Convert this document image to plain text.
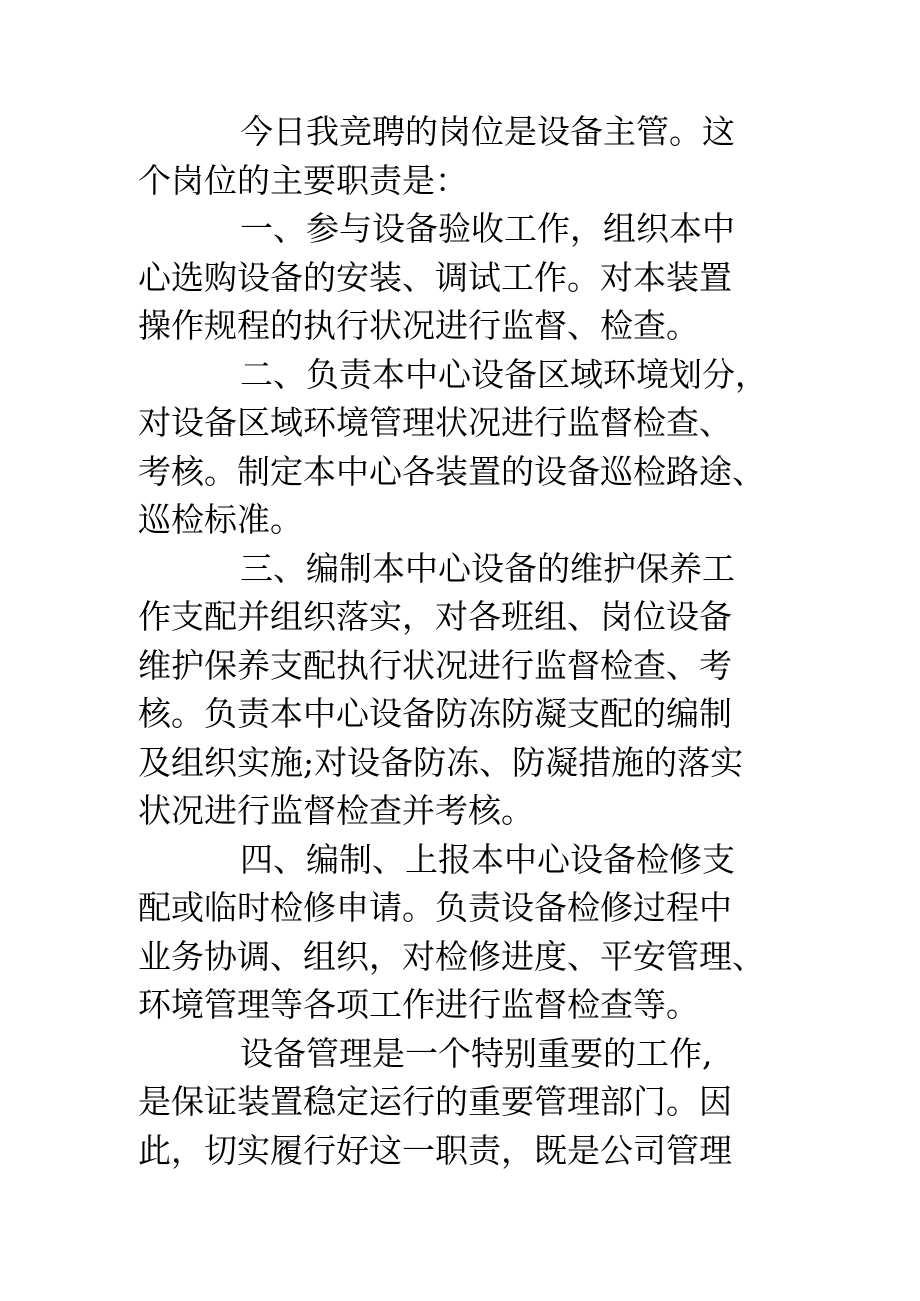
今日我竞聘的岗位是设备主管。这
个岗位的主要职责是：
一、参与设备验收工作，组织本中
心选购设备的安装、调试工作。对本装置
操作规程的执行状况进行监督、检查。
二、负责本中心设备区域环境划分，
对设备区域环境管理状况进行监督检查、
考核。制定本中心各装置的设备巡检路途、
巡检标准。
三、编制本中心设备的维护保养工
作支配并组织落实，对各班组、岗位设备
维护保养支配执行状况进行监督检查、考
核。负责本中心设备防冻防凝支配的编制
及组织实施;对设备防冻、防凝措施的落实
状况进行监督检查并考核。
四、编制、上报本中心设备检修支
配或临时检修申请。负责设备检修过程中
业务协调、组织，对检修进度、平安管理、
环境管理等各项工作进行监督检查等。
设备管理是一个特别重要的工作,
是保证装置稳定运行的重要管理部门。因
此，切实履行好这一职责，既是公司管理
